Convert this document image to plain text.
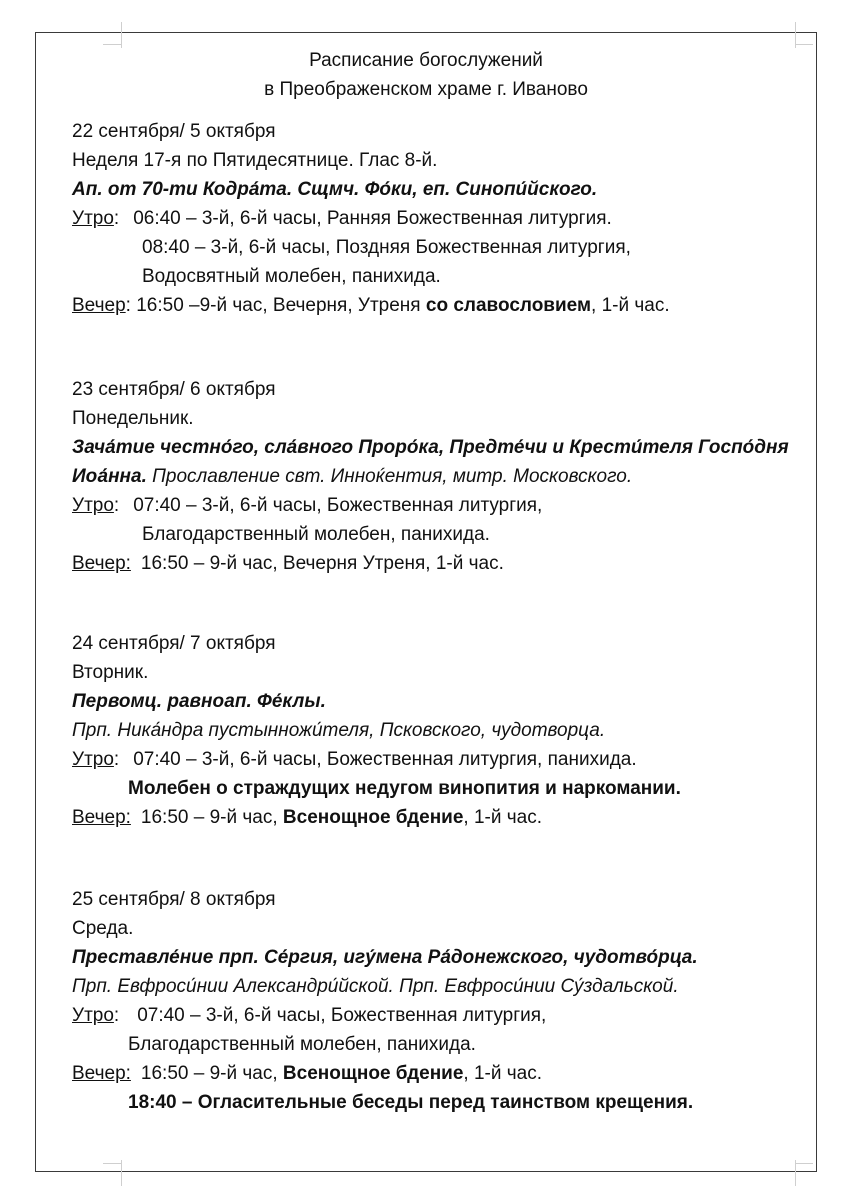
Расписание богослужений
в Преображенском храме г. Иваново
22 сентября/ 5 октября
Неделя 17-я по Пятидесятнице. Глас 8-й.
Ап. от 70-ти Кодра́та. Сщмч. Фо́ки, еп. Синопи́йского.
Утро: 06:40 – 3-й, 6-й часы, Ранняя Божественная литургия.
08:40 – 3-й, 6-й часы, Поздняя Божественная литургия,
Водосвятный молебен, панихида.
Вечер: 16:50 –9-й час, Вечерня, Утреня со славословием, 1-й час.
23 сентября/ 6 октября
Понедельник.
Зача́тие честно́го, сла́вного Проро́ка, Предте́чи и Крести́теля Госпо́дня
Иоа́нна. Прославление свт. Инноќентия, митр. Московского.
Утро: 07:40 – 3-й, 6-й часы, Божественная литургия,
Благодарственный молебен, панихида.
Вечер: 16:50 – 9-й час, Вечерня Утреня, 1-й час.
24 сентября/ 7 октября
Вторник.
Первомц. равноап. Фе́клы.
Прп. Ника́ндра пустынножи́теля, Псковского, чудотворца.
Утро: 07:40 – 3-й, 6-й часы, Божественная литургия, панихида.
Молебен о страждущих недугом винопития и наркомании.
Вечер: 16:50 – 9-й час, Всенощное бдение, 1-й час.
25 сентября/ 8 октября
Среда.
Преставле́ние прп. Се́ргия, игу́мена Ра́донежского, чудотво́рца.
Прп. Евфроси́нии Александри́йской. Прп. Евфроси́нии Су́здальской.
Утро: 07:40 – 3-й, 6-й часы, Божественная литургия,
Благодарственный молебен, панихида.
Вечер: 16:50 – 9-й час, Всенощное бдение, 1-й час.
18:40 – Огласительные беседы перед таинством крещения.
